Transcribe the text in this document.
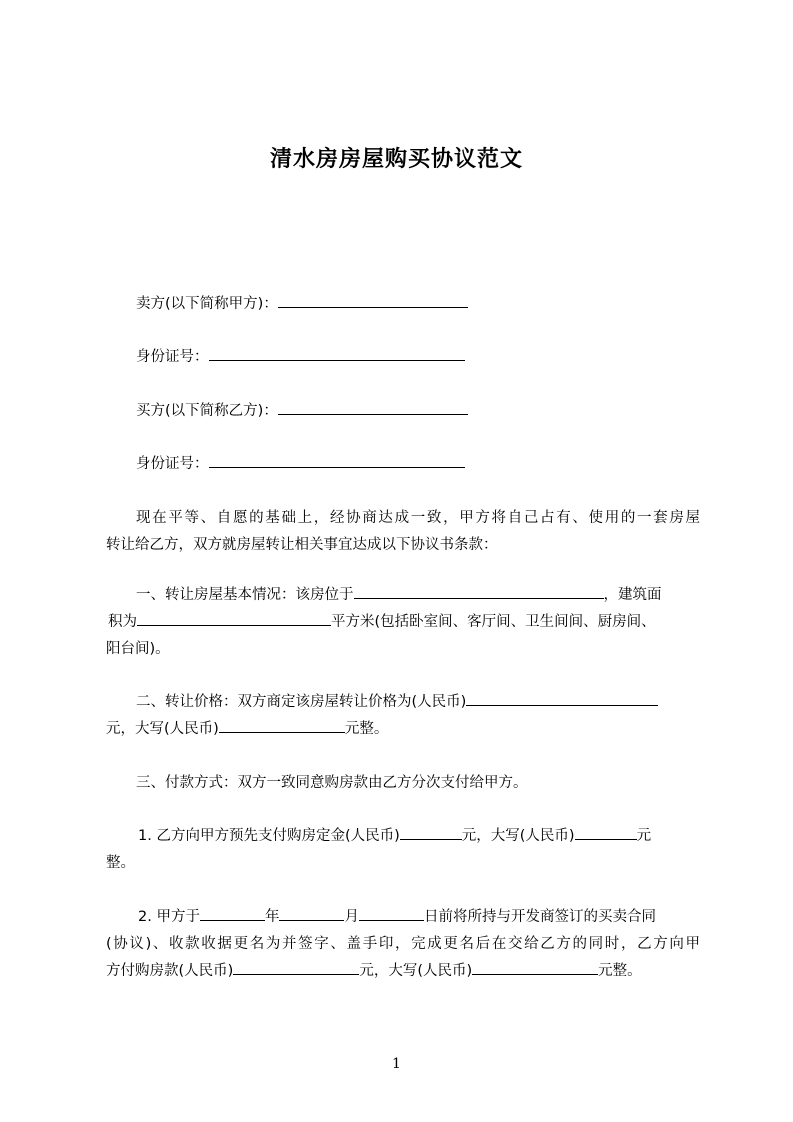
清水房房屋购买协议范文
卖方(以下简称甲方)：
身份证号：
买方(以下简称乙方)：
身份证号：
现在平等、自愿的基础上，经协商达成一致，甲方将自己占有、使用的一套房屋
转让给乙方，双方就房屋转让相关事宜达成以下协议书条款：
一、转让房屋基本情况：该房位于	，建筑面
积为	平方米(包括卧室间、客厅间、卫生间间、厨房间、
阳台间)。
二、转让价格：双方商定该房屋转让价格为(人民币)
元，大写(人民币)	元整。
三、付款方式：双方一致同意购房款由乙方分次支付给甲方。
1. 乙方向甲方预先支付购房定金(人民币)	元，大写(人民币)	元
整。
2. 甲方于	年	月	日前将所持与开发商签订的买卖合同
(协议)、收款收据更名为并签字、盖手印，完成更名后在交给乙方的同时，乙方向甲
方付购房款(人民币)	元，大写(人民币)	元整。
1
